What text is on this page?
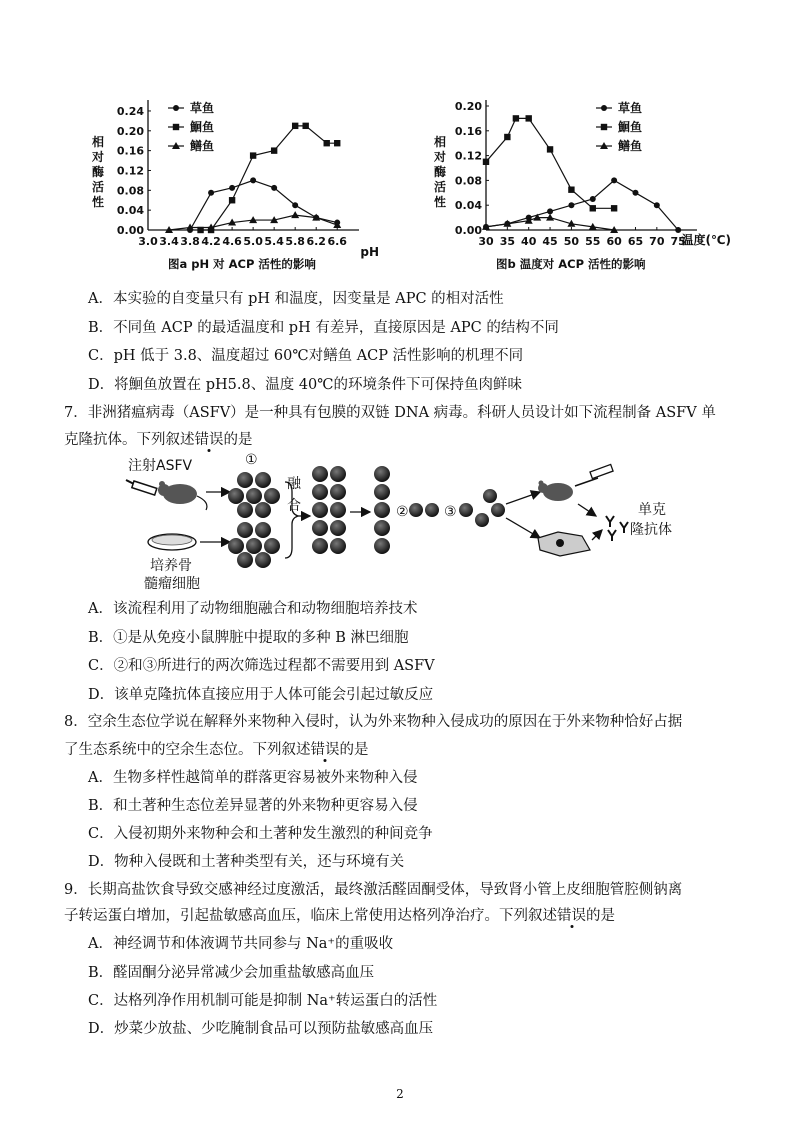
0.00
0.04
0.08
0.12
0.16
0.20
0.24
3.0 3.4 3.8 4.2 4.6 5.0 5.4 5.8 6.2 6.6
相
对
酶
活
性
pH
图a pH 对 ACP 活性的影响
草鱼
鮰鱼
鳝鱼
0.00
0.04
0.08
0.12
0.16
0.20
30 35 40 45 50 55 60 65 70 75
相
对
酶
活
性
温度(℃)
图b 温度对 ACP 活性的影响
草鱼
鮰鱼
鳝鱼
A．本实验的自变量只有 pH 和温度，因变量是 APC 的相对活性
B．不同鱼 ACP 的最适温度和 pH 有差异，直接原因是 APC 的结构不同
C．pH 低于 3.8、温度超过 60℃对鳝鱼 ACP 活性影响的机理不同
D．将鮰鱼放置在 pH5.8、温度 40℃的环境条件下可保持鱼肉鲜味
7．非洲猪瘟病毒（ASFV）是一种具有包膜的双链 DNA 病毒。科研人员设计如下流程制备 ASFV 单
克隆抗体。下列叙述错误的是
注射ASFV	①
培养骨
髓瘤细胞
融
合	②	③	单克
隆抗体
A．该流程利用了动物细胞融合和动物细胞培养技术
B．①是从免疫小鼠脾脏中提取的多种 B 淋巴细胞
C．②和③所进行的两次筛选过程都不需要用到 ASFV
D．该单克隆抗体直接应用于人体可能会引起过敏反应
8．空余生态位学说在解释外来物种入侵时，认为外来物种入侵成功的原因在于外来物种恰好占据
了生态系统中的空余生态位。下列叙述错误的是
A．生物多样性越简单的群落更容易被外来物种入侵
B．和土著种生态位差异显著的外来物种更容易入侵
C．入侵初期外来物种会和土著种发生激烈的种间竞争
D．物种入侵既和土著种类型有关，还与环境有关
9．长期高盐饮食导致交感神经过度激活，最终激活醛固酮受体，导致肾小管上皮细胞管腔侧钠离
子转运蛋白增加，引起盐敏感高血压，临床上常使用达格列净治疗。下列叙述错误的是
A．神经调节和体液调节共同参与 Na⁺的重吸收
B．醛固酮分泌异常减少会加重盐敏感高血压
C．达格列净作用机制可能是抑制 Na⁺转运蛋白的活性
D．炒菜少放盐、少吃腌制食品可以预防盐敏感高血压
2
